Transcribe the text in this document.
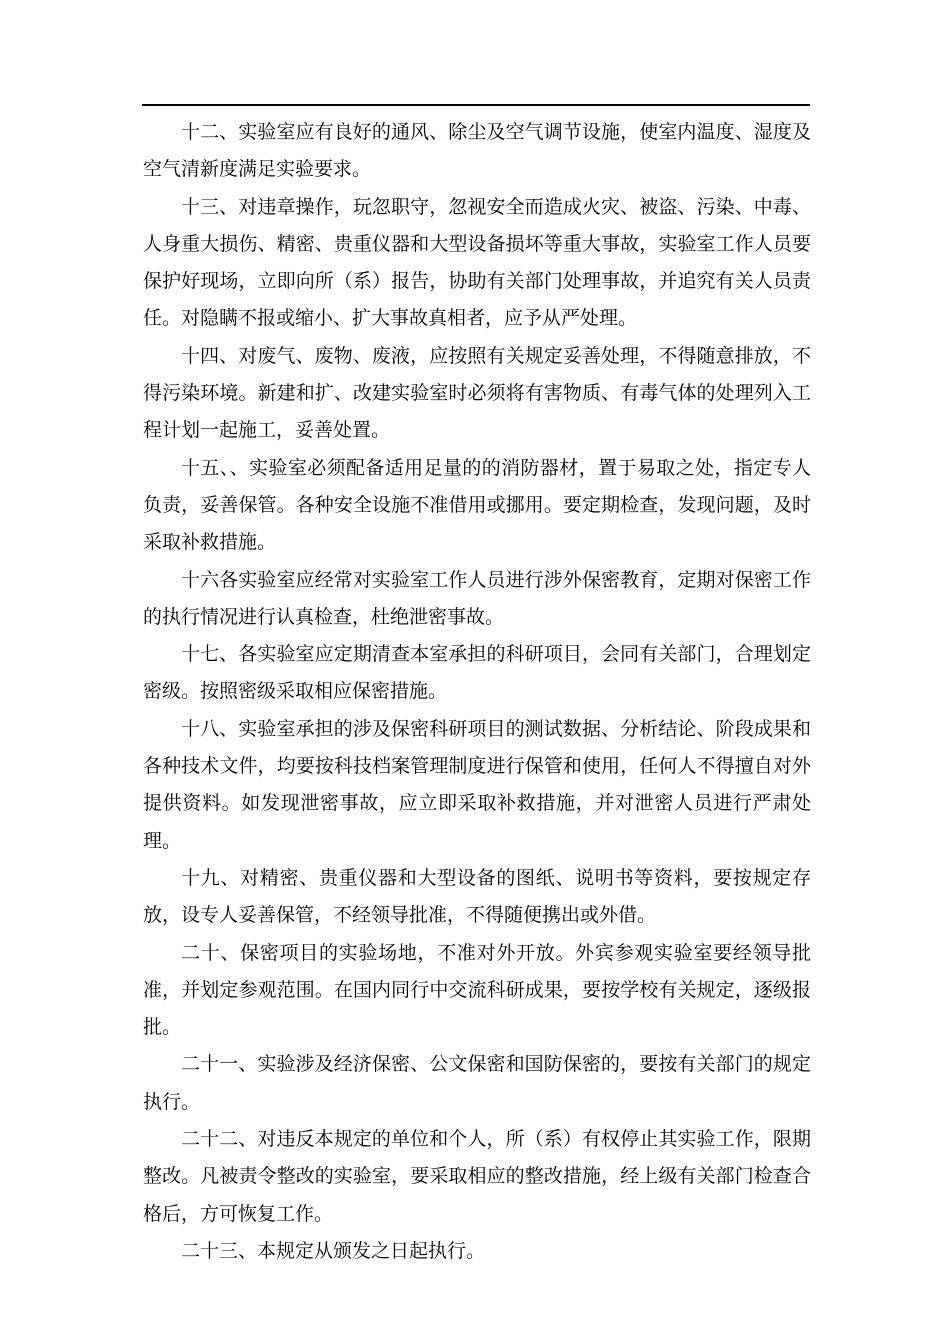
十二、实验室应有良好的通风、除尘及空气调节设施，使室内温度、湿度及空气清新度满足实验要求。

十三、对违章操作，玩忽职守，忽视安全而造成火灾、被盗、污染、中毒、人身重大损伤、精密、贵重仪器和大型设备损坏等重大事故，实验室工作人员要保护好现场，立即向所（系）报告，协助有关部门处理事故，并追究有关人员责任。对隐瞒不报或缩小、扩大事故真相者，应予从严处理。

十四、对废气、废物、废液，应按照有关规定妥善处理，不得随意排放，不得污染环境。新建和扩、改建实验室时必须将有害物质、有毒气体的处理列入工程计划一起施工，妥善处置。

十五、、实验室必须配备适用足量的的消防器材，置于易取之处，指定专人负责，妥善保管。各种安全设施不准借用或挪用。要定期检查，发现问题，及时采取补救措施。

十六各实验室应经常对实验室工作人员进行涉外保密教育，定期对保密工作的执行情况进行认真检查，杜绝泄密事故。

十七、各实验室应定期清查本室承担的科研项目，会同有关部门，合理划定密级。按照密级采取相应保密措施。

十八、实验室承担的涉及保密科研项目的测试数据、分析结论、阶段成果和各种技术文件，均要按科技档案管理制度进行保管和使用，任何人不得擅自对外提供资料。如发现泄密事故，应立即采取补救措施，并对泄密人员进行严肃处理。

十九、对精密、贵重仪器和大型设备的图纸、说明书等资料，要按规定存放，设专人妥善保管，不经领导批准，不得随便携出或外借。

二十、保密项目的实验场地，不准对外开放。外宾参观实验室要经领导批准，并划定参观范围。在国内同行中交流科研成果，要按学校有关规定，逐级报批。

二十一、实验涉及经济保密、公文保密和国防保密的，要按有关部门的规定执行。

二十二、对违反本规定的单位和个人，所（系）有权停止其实验工作，限期整改。凡被责令整改的实验室，要采取相应的整改措施，经上级有关部门检查合格后，方可恢复工作。

二十三、本规定从颁发之日起执行。
